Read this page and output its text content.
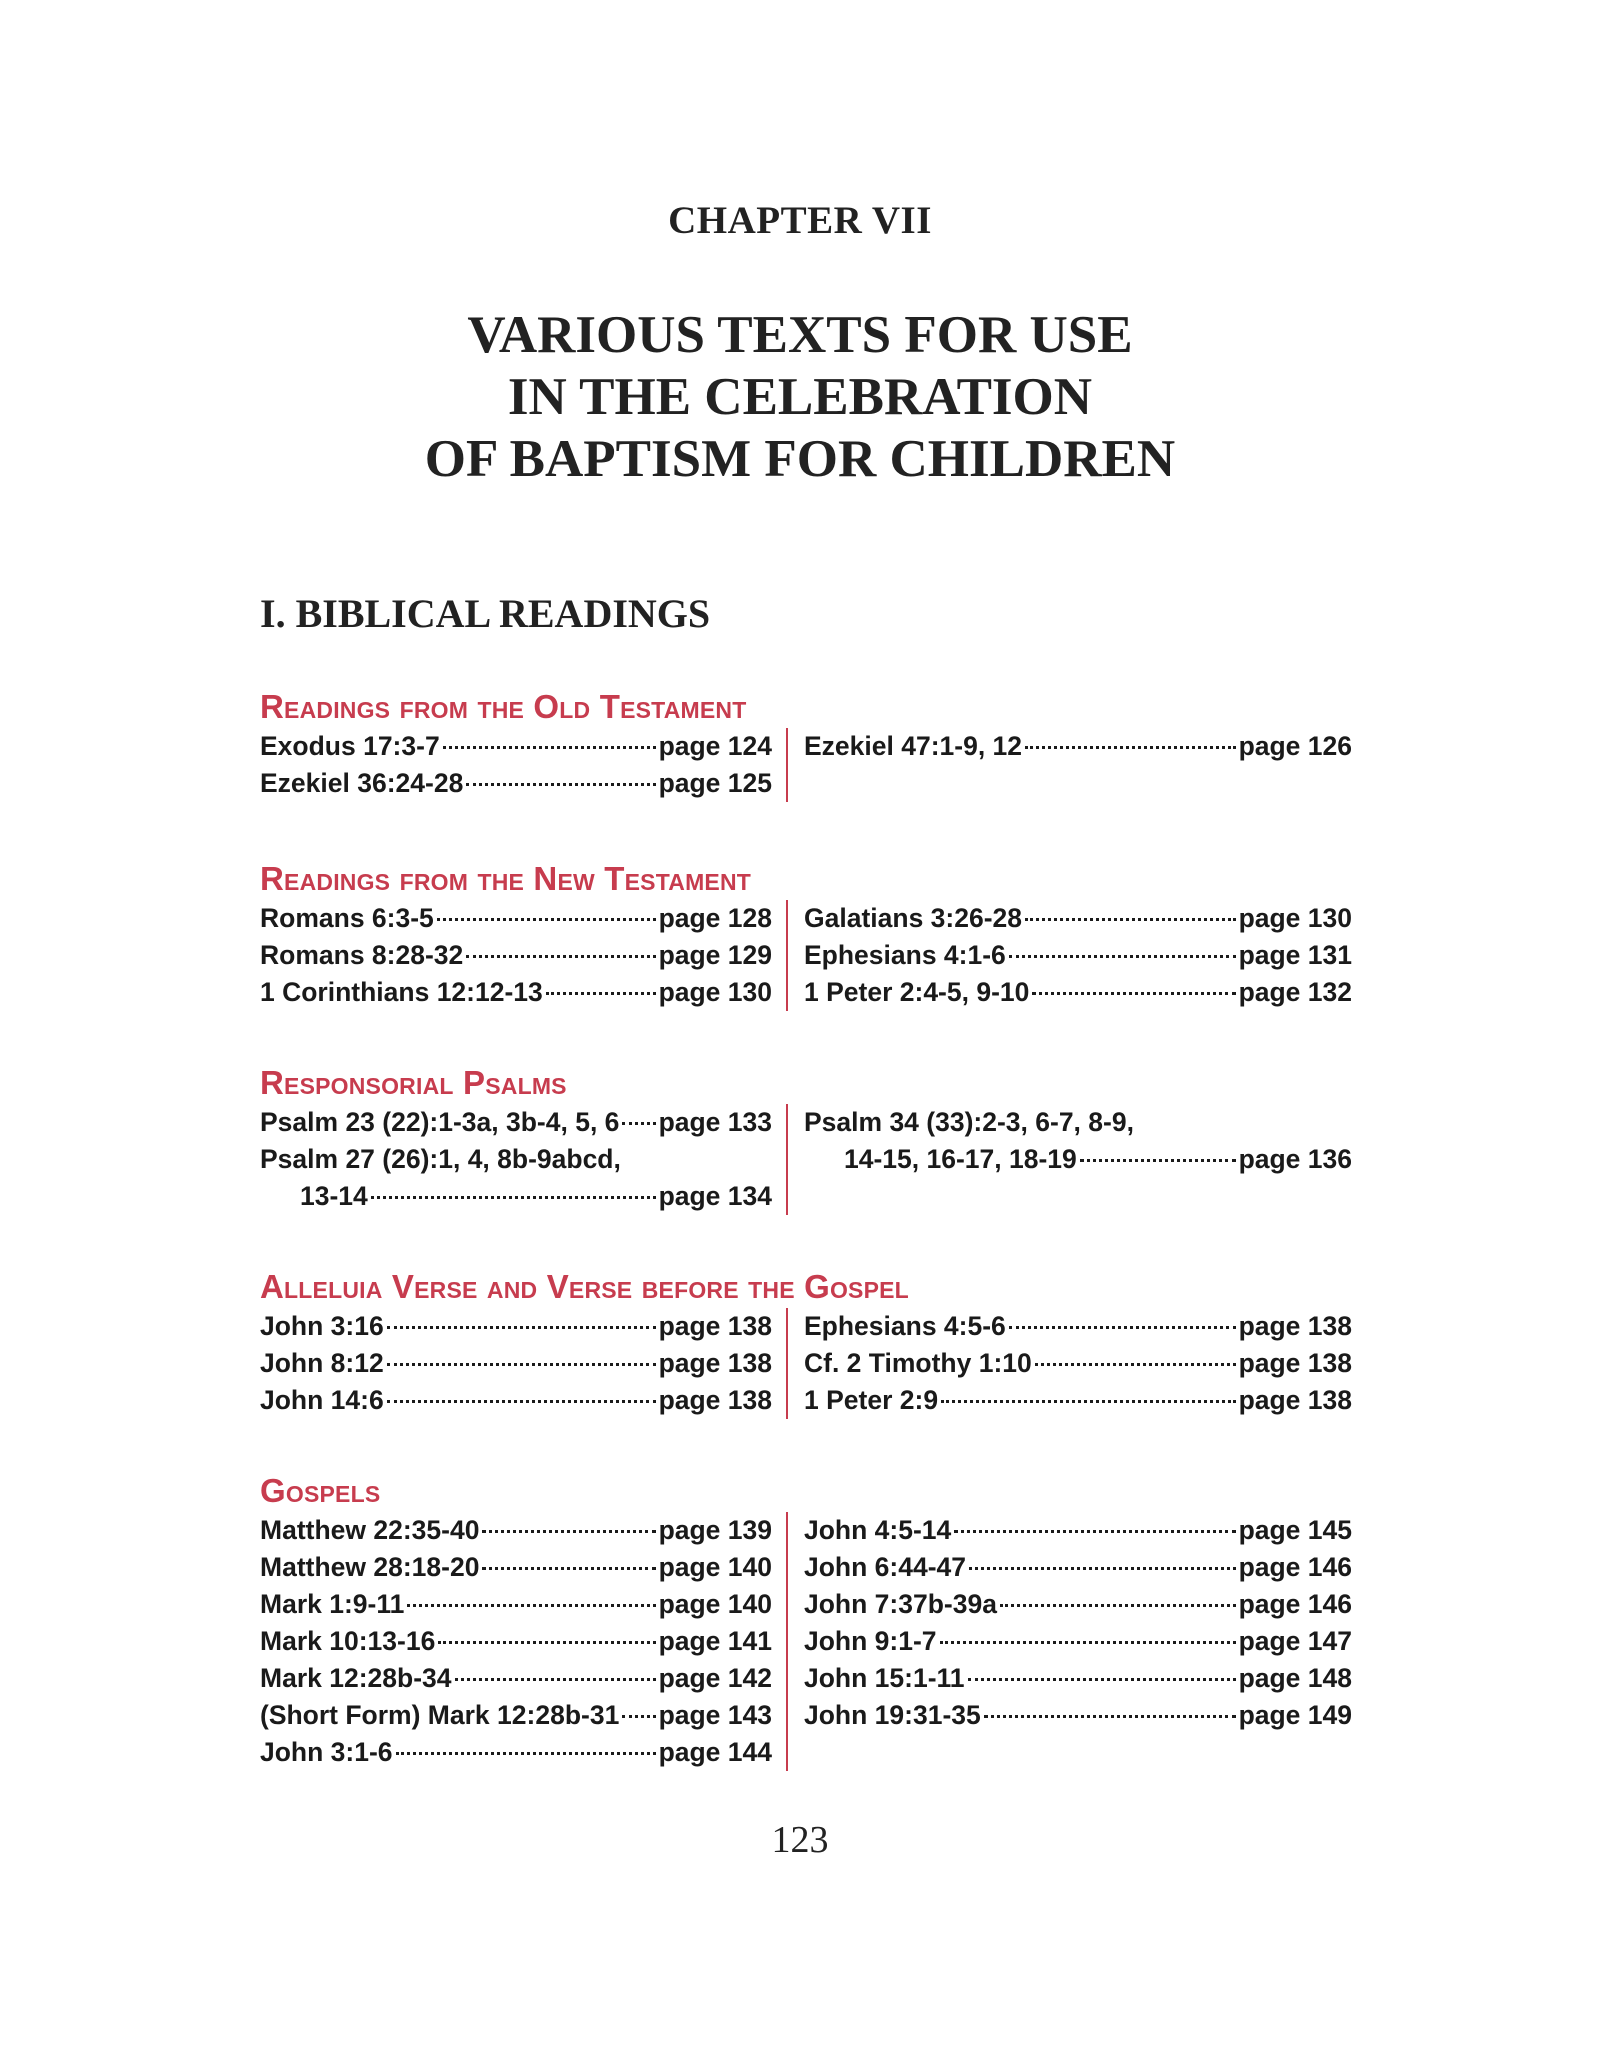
CHAPTER VII
VARIOUS TEXTS FOR USE
IN THE CELEBRATION
OF BAPTISM FOR CHILDREN
I. BIBLICAL READINGS
Readings from the Old Testament
Exodus 17:3-7	page 124
Ezekiel 36:24-28	page 125
Ezekiel 47:1-9, 12	page 126
Readings from the New Testament
Romans 6:3-5	page 128
Romans 8:28-32	page 129
1 Corinthians 12:12-13	page 130
Galatians 3:26-28	page 130
Ephesians 4:1-6	page 131
1 Peter 2:4-5, 9-10	page 132
Responsorial Psalms
Psalm 23 (22):1-3a, 3b-4, 5, 6 page 133
Psalm 27 (26):1, 4, 8b-9abcd,
13-14	page 134
Psalm 34 (33):2-3, 6-7, 8-9,
14-15, 16-17, 18-19	page 136
Alleluia Verse and Verse before the Gospel
John 3:16	page 138
John 8:12	page 138
John 14:6	page 138
Ephesians 4:5-6	page 138
Cf. 2 Timothy 1:10	page 138
1 Peter 2:9	page 138
Gospels
Matthew 22:35-40	page 139
Matthew 28:18-20	page 140
Mark 1:9-11	page 140
Mark 10:13-16	page 141
Mark 12:28b-34	page 142
(Short Form) Mark 12:28b-31 page 143
John 3:1-6	page 144
John 4:5-14	page 145
John 6:44-47	page 146
John 7:37b-39a	page 146
John 9:1-7	page 147
John 15:1-11	page 148
John 19:31-35	page 149
123
